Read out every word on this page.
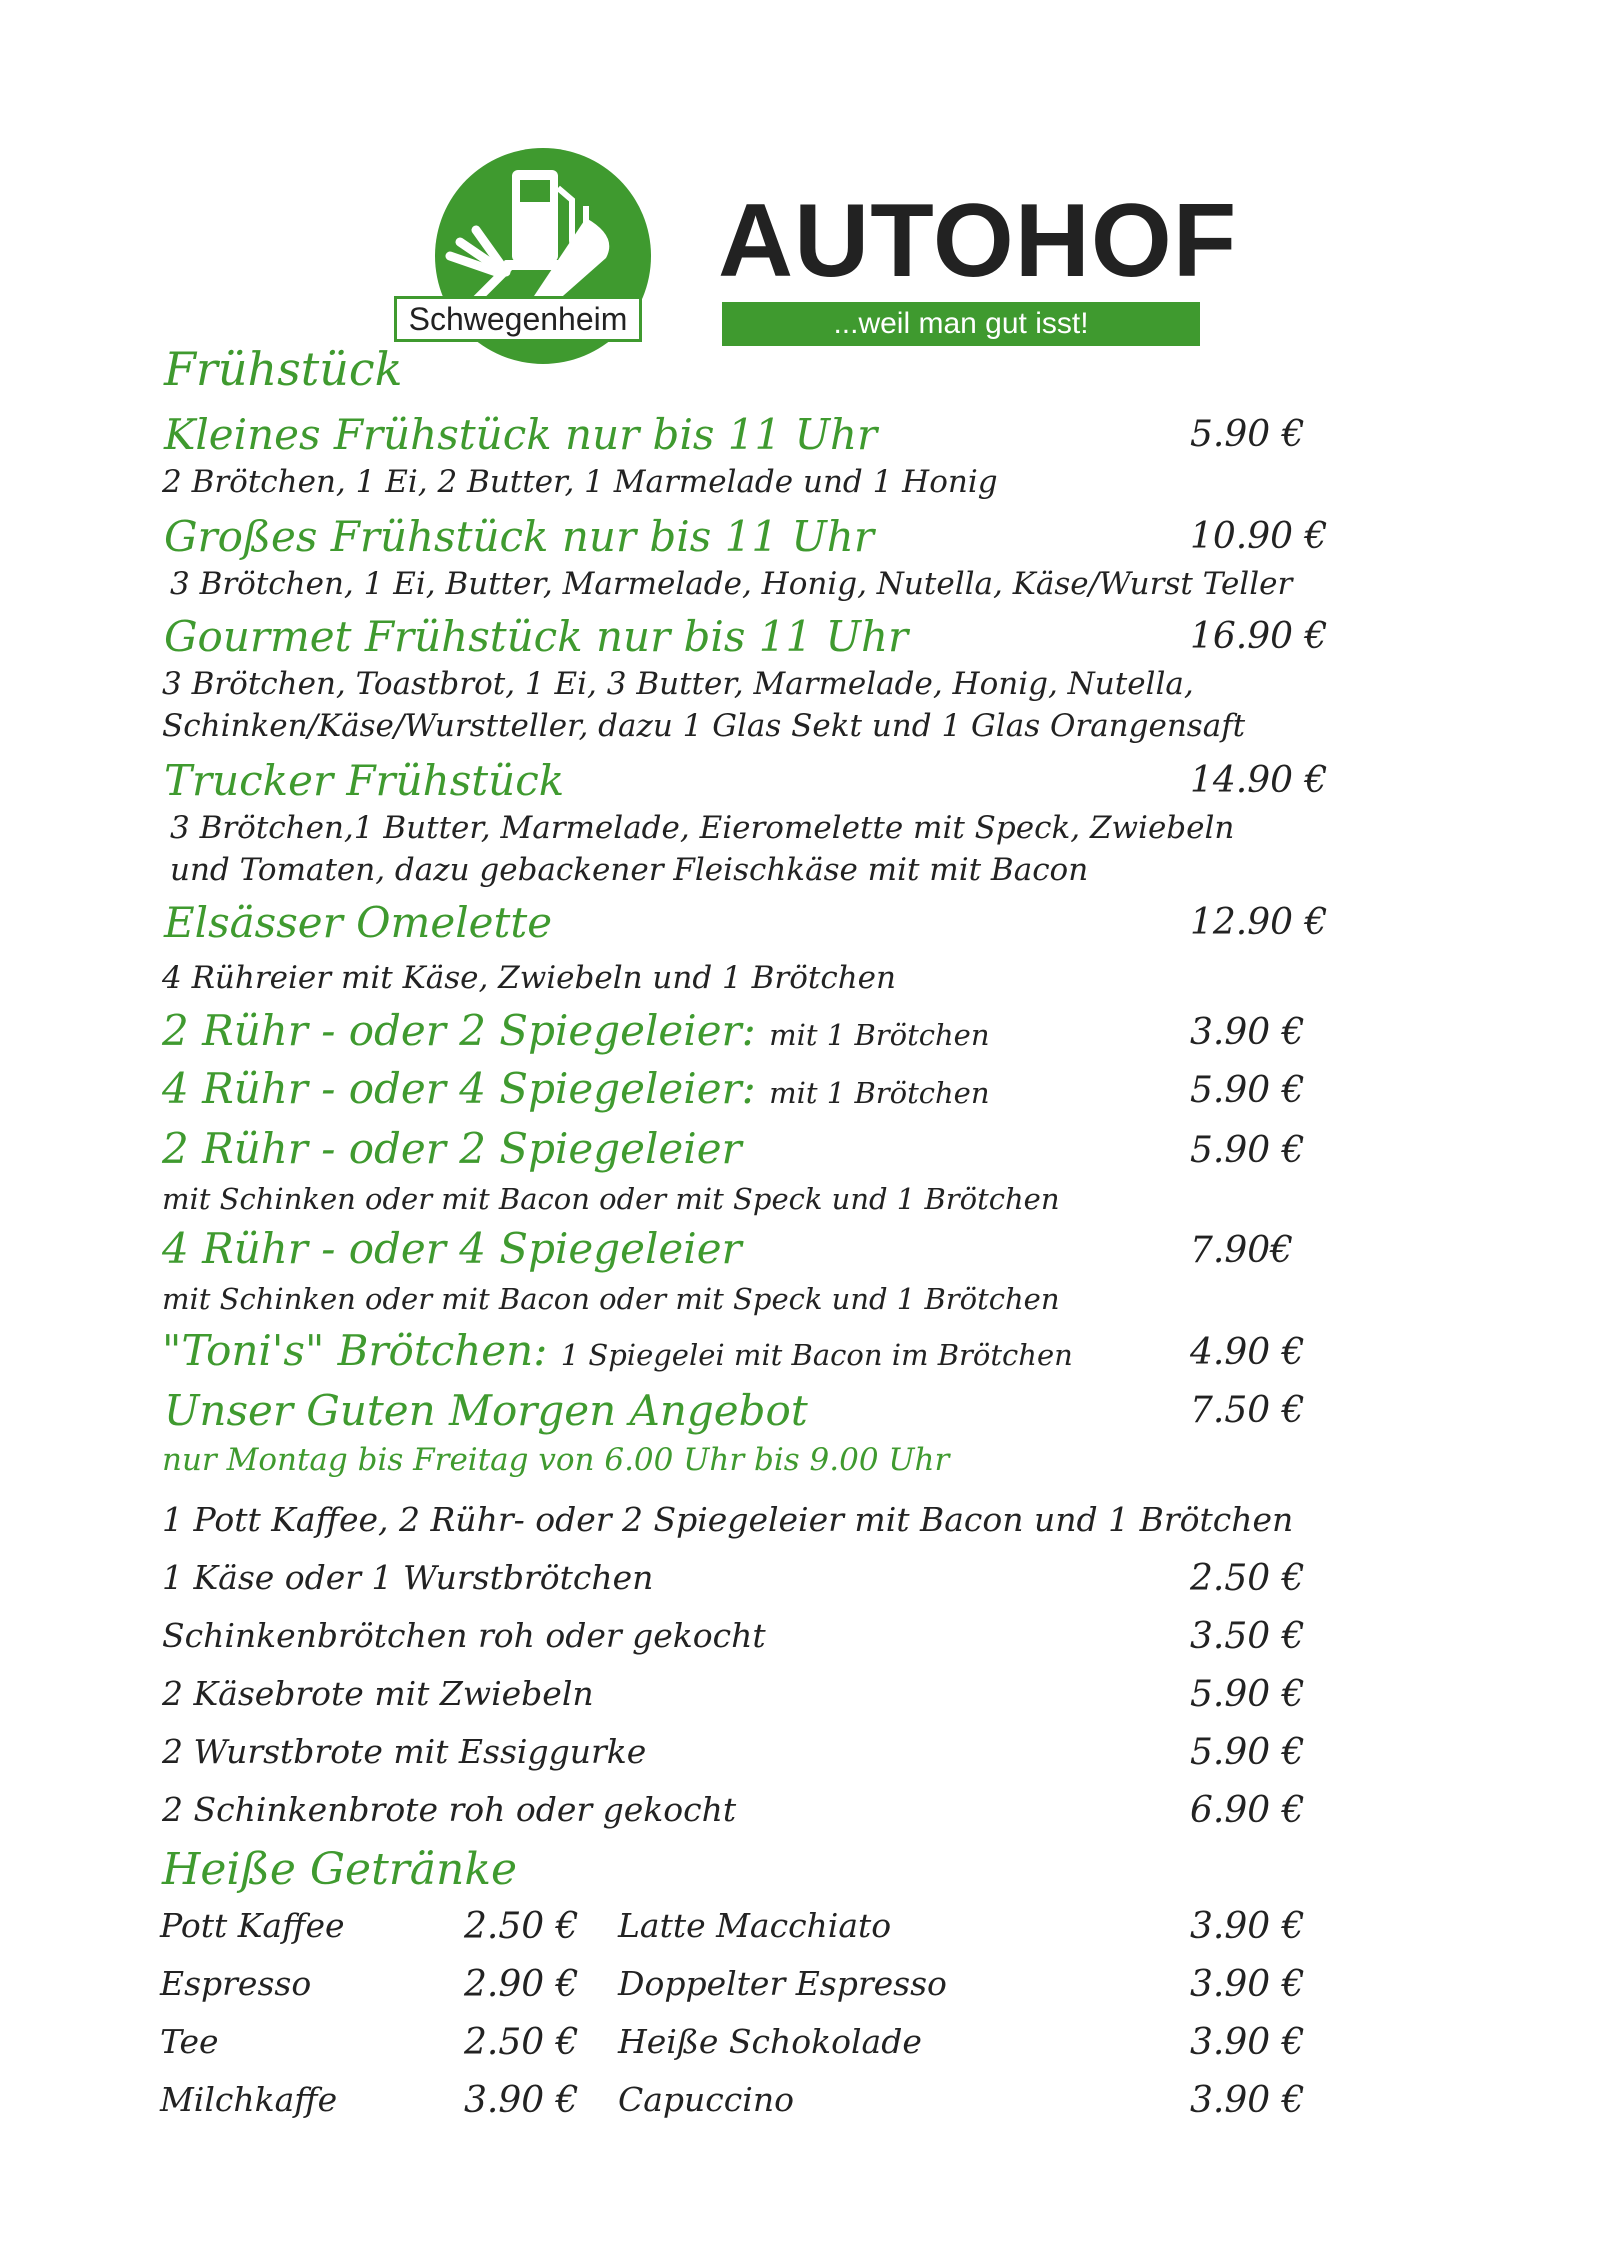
Schwegenheim
AUTOHOF
...weil man gut isst!
Frühstück
Kleines Frühstück nur bis 11 Uhr	5.90 €
2 Brötchen, 1 Ei, 2 Butter, 1 Marmelade und 1 Honig
Großes Frühstück nur bis 11 Uhr	10.90 €
3 Brötchen, 1 Ei, Butter, Marmelade, Honig, Nutella, Käse/Wurst Teller
Gourmet Frühstück nur bis 11 Uhr	16.90 €
3 Brötchen, Toastbrot, 1 Ei, 3 Butter, Marmelade, Honig, Nutella,
Schinken/Käse/Wurstteller, dazu 1 Glas Sekt und 1 Glas Orangensaft
Trucker Frühstück	14.90 €
3 Brötchen,1 Butter, Marmelade, Eieromelette mit Speck, Zwiebeln
und Tomaten, dazu gebackener Fleischkäse mit mit Bacon
Elsässer Omelette	12.90 €
4 Rühreier mit Käse, Zwiebeln und 1 Brötchen
2 Rühr - oder 2 Spiegeleier: mit 1 Brötchen	3.90 €
4 Rühr - oder 4 Spiegeleier: mit 1 Brötchen	5.90 €
2 Rühr - oder 2 Spiegeleier	5.90 €
mit Schinken oder mit Bacon oder mit Speck und 1 Brötchen
4 Rühr - oder 4 Spiegeleier	7.90€
mit Schinken oder mit Bacon oder mit Speck und 1 Brötchen
"Toni's" Brötchen: 1 Spiegelei mit Bacon im Brötchen	4.90 €
Unser Guten Morgen Angebot	7.50 €
nur Montag bis Freitag von 6.00 Uhr bis 9.00 Uhr
1 Pott Kaffee, 2 Rühr- oder 2 Spiegeleier mit Bacon und 1 Brötchen
1 Käse oder 1 Wurstbrötchen	2.50 €
Schinkenbrötchen roh oder gekocht	3.50 €
2 Käsebrote mit Zwiebeln	5.90 €
2 Wurstbrote mit Essiggurke	5.90 €
2 Schinkenbrote roh oder gekocht	6.90 €
Heiße Getränke
Pott Kaffee	2.50 € Latte Macchiato	3.90 €
Espresso	2.90 € Doppelter Espresso	3.90 €
Tee	2.50 € Heiße Schokolade	3.90 €
Milchkaffe	3.90 € Capuccino	3.90 €
